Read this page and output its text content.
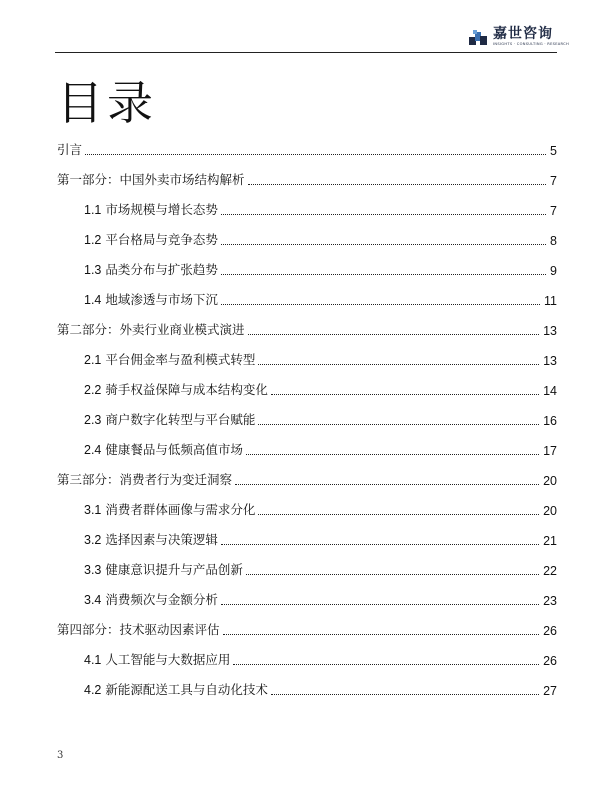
嘉世咨询
INSIGHTS · CONSULTING · RESEARCH
目录
引言	5
第一部分：中国外卖市场结构解析	7
1.1 市场规模与增长态势	7
1.2 平台格局与竞争态势	8
1.3 品类分布与扩张趋势	9
1.4 地域渗透与市场下沉	11
第二部分：外卖行业商业模式演进	13
2.1 平台佣金率与盈利模式转型	13
2.2 骑手权益保障与成本结构变化	14
2.3 商户数字化转型与平台赋能	16
2.4 健康餐品与低频高值市场	17
第三部分：消费者行为变迁洞察	20
3.1 消费者群体画像与需求分化	20
3.2 选择因素与决策逻辑	21
3.3 健康意识提升与产品创新	22
3.4 消费频次与金额分析	23
第四部分：技术驱动因素评估	26
4.1 人工智能与大数据应用	26
4.2 新能源配送工具与自动化技术	27
3
